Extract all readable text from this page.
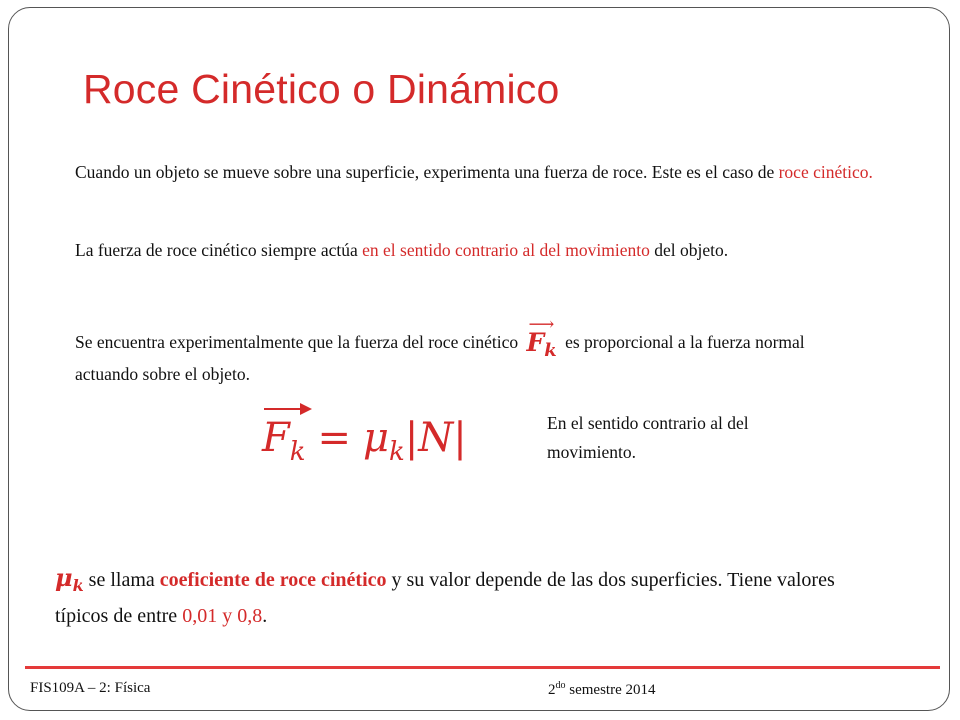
Roce Cinético o Dinámico
Cuando un objeto se mueve sobre una superficie, experimenta una fuerza de roce. Este es el caso de roce cinético.
La fuerza de roce cinético siempre actúa en el sentido contrario al del movimiento del objeto.
Se encuentra experimentalmente que la fuerza del roce cinético
⟶
$F_k$ es proporcional a la fuerza normal actuando sobre el objeto.
$F_k = \mu_k|N|$	En el sentido contrario al del movimiento.
$\mu_k$ se llama coeficiente de roce cinético y su valor depende de las dos superficies. Tiene valores típicos de entre 0,01 y 0,8.
FIS109A – 2: Física	$2^{do}$ semestre 2014
